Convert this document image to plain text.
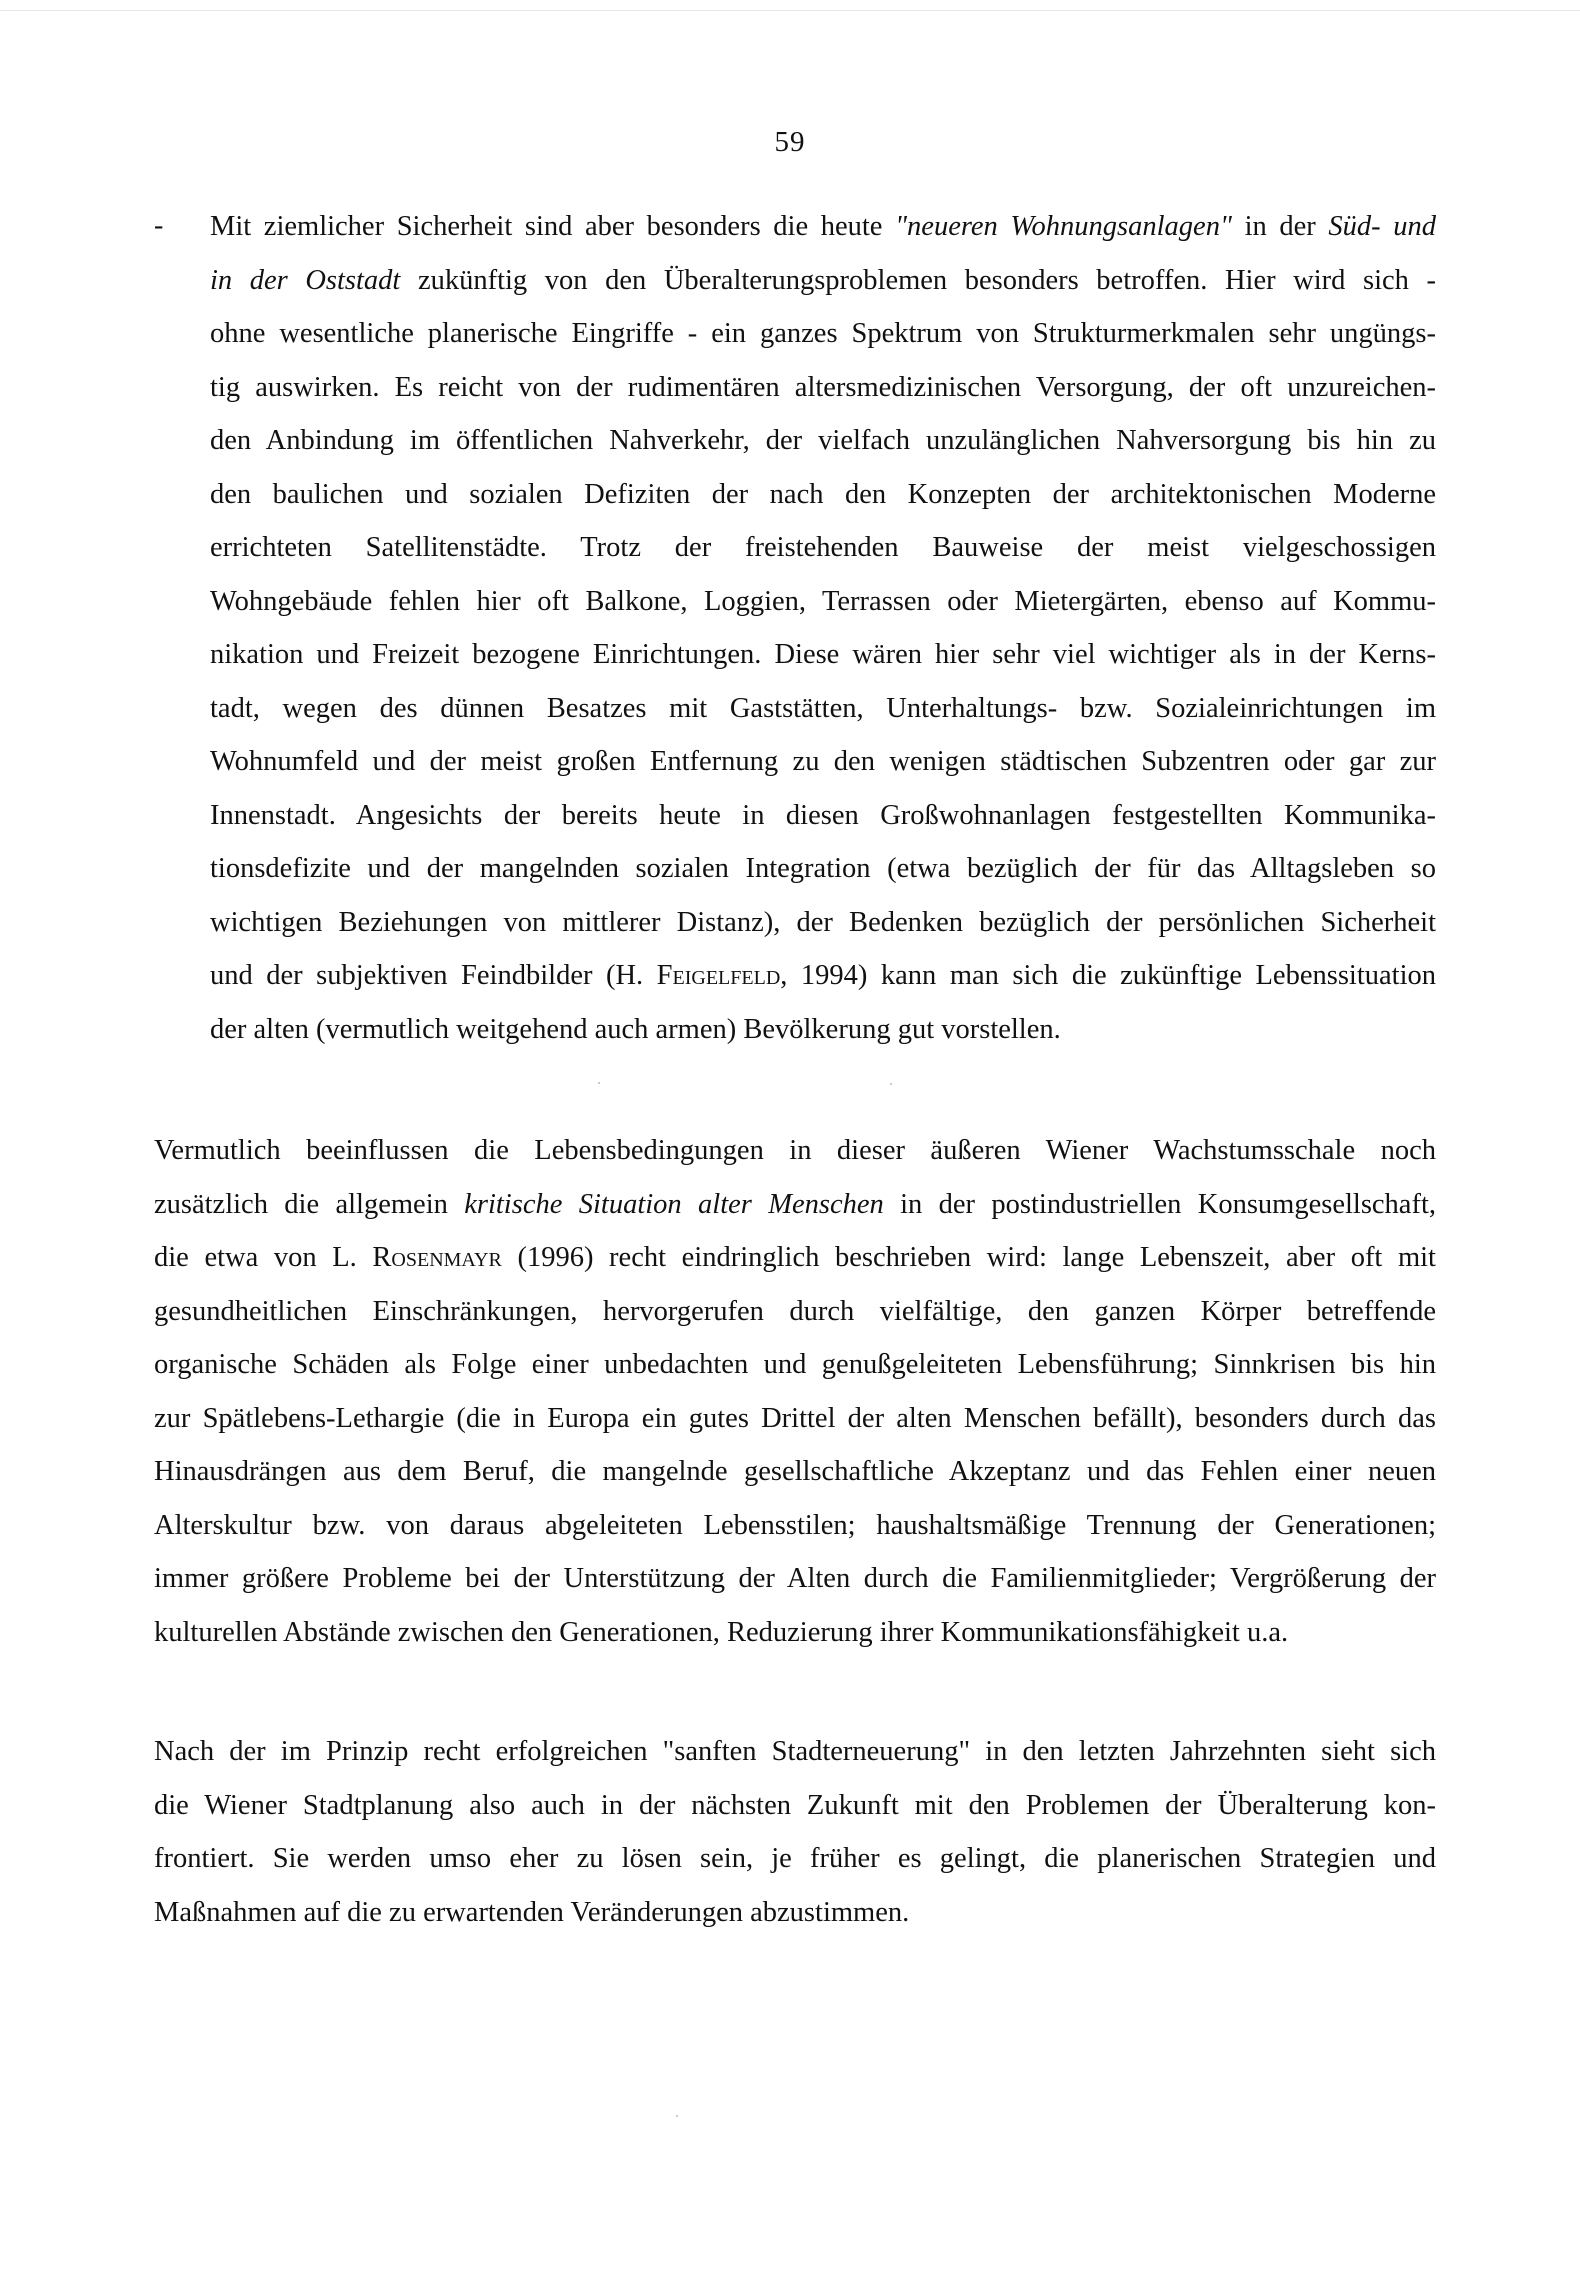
59
- Mit ziemlicher Sicherheit sind aber besonders die heute "neueren Wohnungsanlagen" in der Süd- und
in der Oststadt zukünftig von den Überalterungsproblemen besonders betroffen. Hier wird sich -
ohne wesentliche planerische Eingriffe - ein ganzes Spektrum von Strukturmerkmalen sehr ungüngs-
tig auswirken. Es reicht von der rudimentären altersmedizinischen Versorgung, der oft unzureichen-
den Anbindung im öffentlichen Nahverkehr, der vielfach unzulänglichen Nahversorgung bis hin zu
den baulichen und sozialen Defiziten der nach den Konzepten der architektonischen Moderne
errichteten Satellitenstädte. Trotz der freistehenden Bauweise der meist vielgeschossigen
Wohngebäude fehlen hier oft Balkone, Loggien, Terrassen oder Mietergärten, ebenso auf Kommu-
nikation und Freizeit bezogene Einrichtungen. Diese wären hier sehr viel wichtiger als in der Kerns-
tadt, wegen des dünnen Besatzes mit Gaststätten, Unterhaltungs- bzw. Sozialeinrichtungen im
Wohnumfeld und der meist großen Entfernung zu den wenigen städtischen Subzentren oder gar zur
Innenstadt. Angesichts der bereits heute in diesen Großwohnanlagen festgestellten Kommunika-
tionsdefizite und der mangelnden sozialen Integration (etwa bezüglich der für das Alltagsleben so
wichtigen Beziehungen von mittlerer Distanz), der Bedenken bezüglich der persönlichen Sicherheit
und der subjektiven Feindbilder (H. Feigelfeld, 1994) kann man sich die zukünftige Lebenssituation
der alten (vermutlich weitgehend auch armen) Bevölkerung gut vorstellen.
Vermutlich beeinflussen die Lebensbedingungen in dieser äußeren Wiener Wachstumsschale noch
zusätzlich die allgemein kritische Situation alter Menschen in der postindustriellen Konsumgesellschaft,
die etwa von L. Rosenmayr (1996) recht eindringlich beschrieben wird: lange Lebenszeit, aber oft mit
gesundheitlichen Einschränkungen, hervorgerufen durch vielfältige, den ganzen Körper betreffende
organische Schäden als Folge einer unbedachten und genußgeleiteten Lebensführung; Sinnkrisen bis hin
zur Spätlebens-Lethargie (die in Europa ein gutes Drittel der alten Menschen befällt), besonders durch das
Hinausdrängen aus dem Beruf, die mangelnde gesellschaftliche Akzeptanz und das Fehlen einer neuen
Alterskultur bzw. von daraus abgeleiteten Lebensstilen; haushaltsmäßige Trennung der Generationen;
immer größere Probleme bei der Unterstützung der Alten durch die Familienmitglieder; Vergrößerung der
kulturellen Abstände zwischen den Generationen, Reduzierung ihrer Kommunikationsfähigkeit u.a.
Nach der im Prinzip recht erfolgreichen "sanften Stadterneuerung" in den letzten Jahrzehnten sieht sich
die Wiener Stadtplanung also auch in der nächsten Zukunft mit den Problemen der Überalterung kon-
frontiert. Sie werden umso eher zu lösen sein, je früher es gelingt, die planerischen Strategien und
Maßnahmen auf die zu erwartenden Veränderungen abzustimmen.
